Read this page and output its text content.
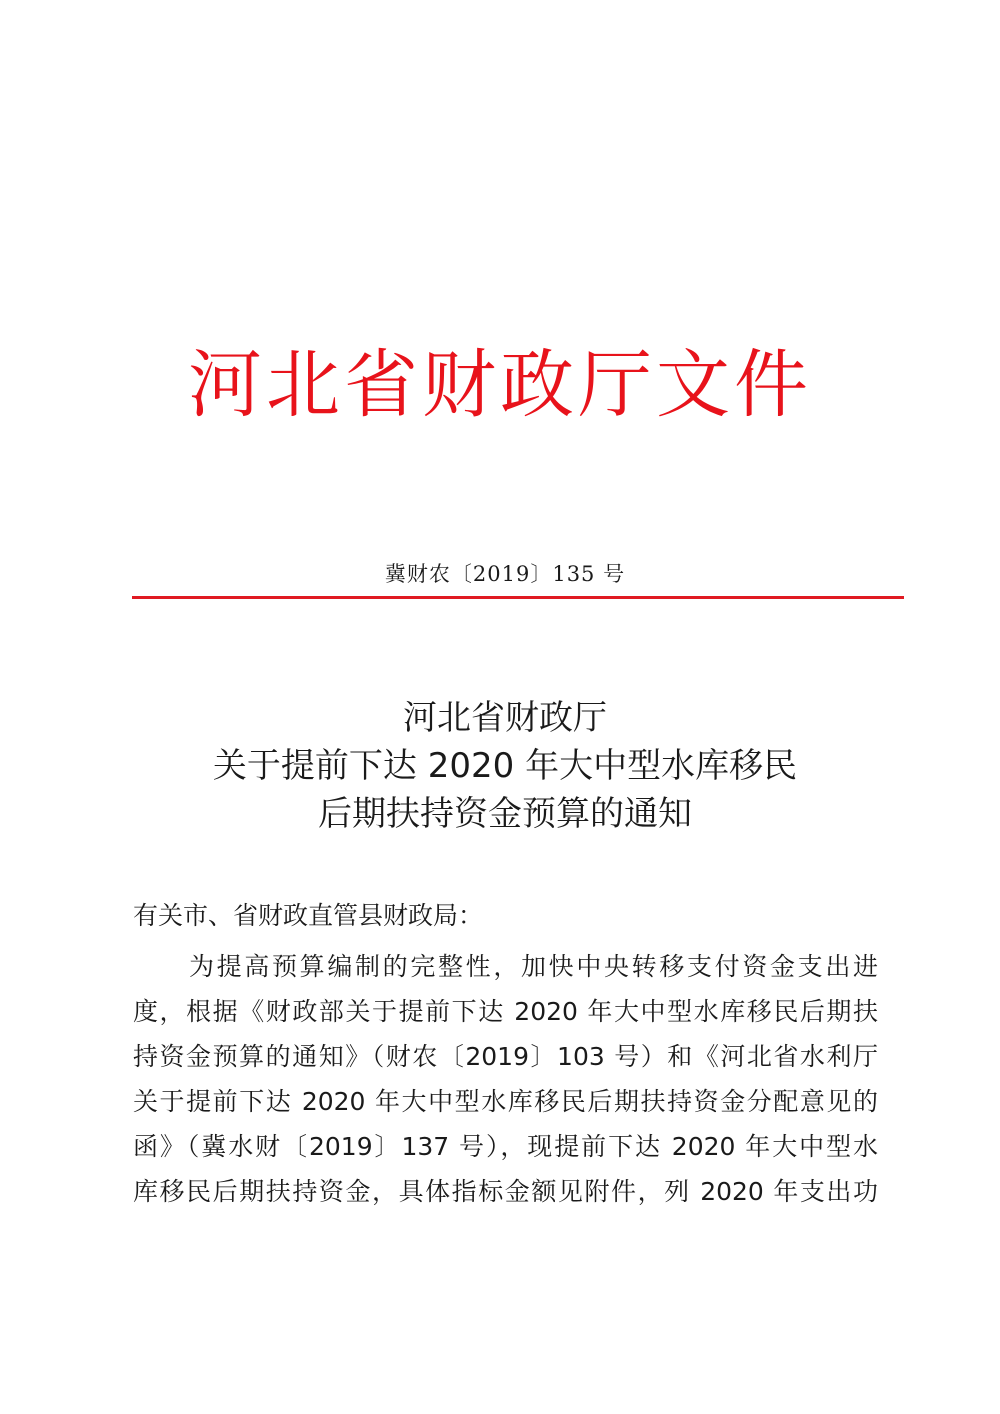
河北省财政厅文件
冀财农〔2019〕135 号
河北省财政厅
关于提前下达 2020 年大中型水库移民
后期扶持资金预算的通知
有关市、省财政直管县财政局：
为提高预算编制的完整性，加快中央转移支付资金支出进
度，根据《财政部关于提前下达 2020 年大中型水库移民后期扶
持资金预算的通知》（财农〔2019〕103 号）和《河北省水利厅
关于提前下达 2020 年大中型水库移民后期扶持资金分配意见的
函》（冀水财〔2019〕137 号），现提前下达 2020 年大中型水
库移民后期扶持资金，具体指标金额见附件，列 2020 年支出功
